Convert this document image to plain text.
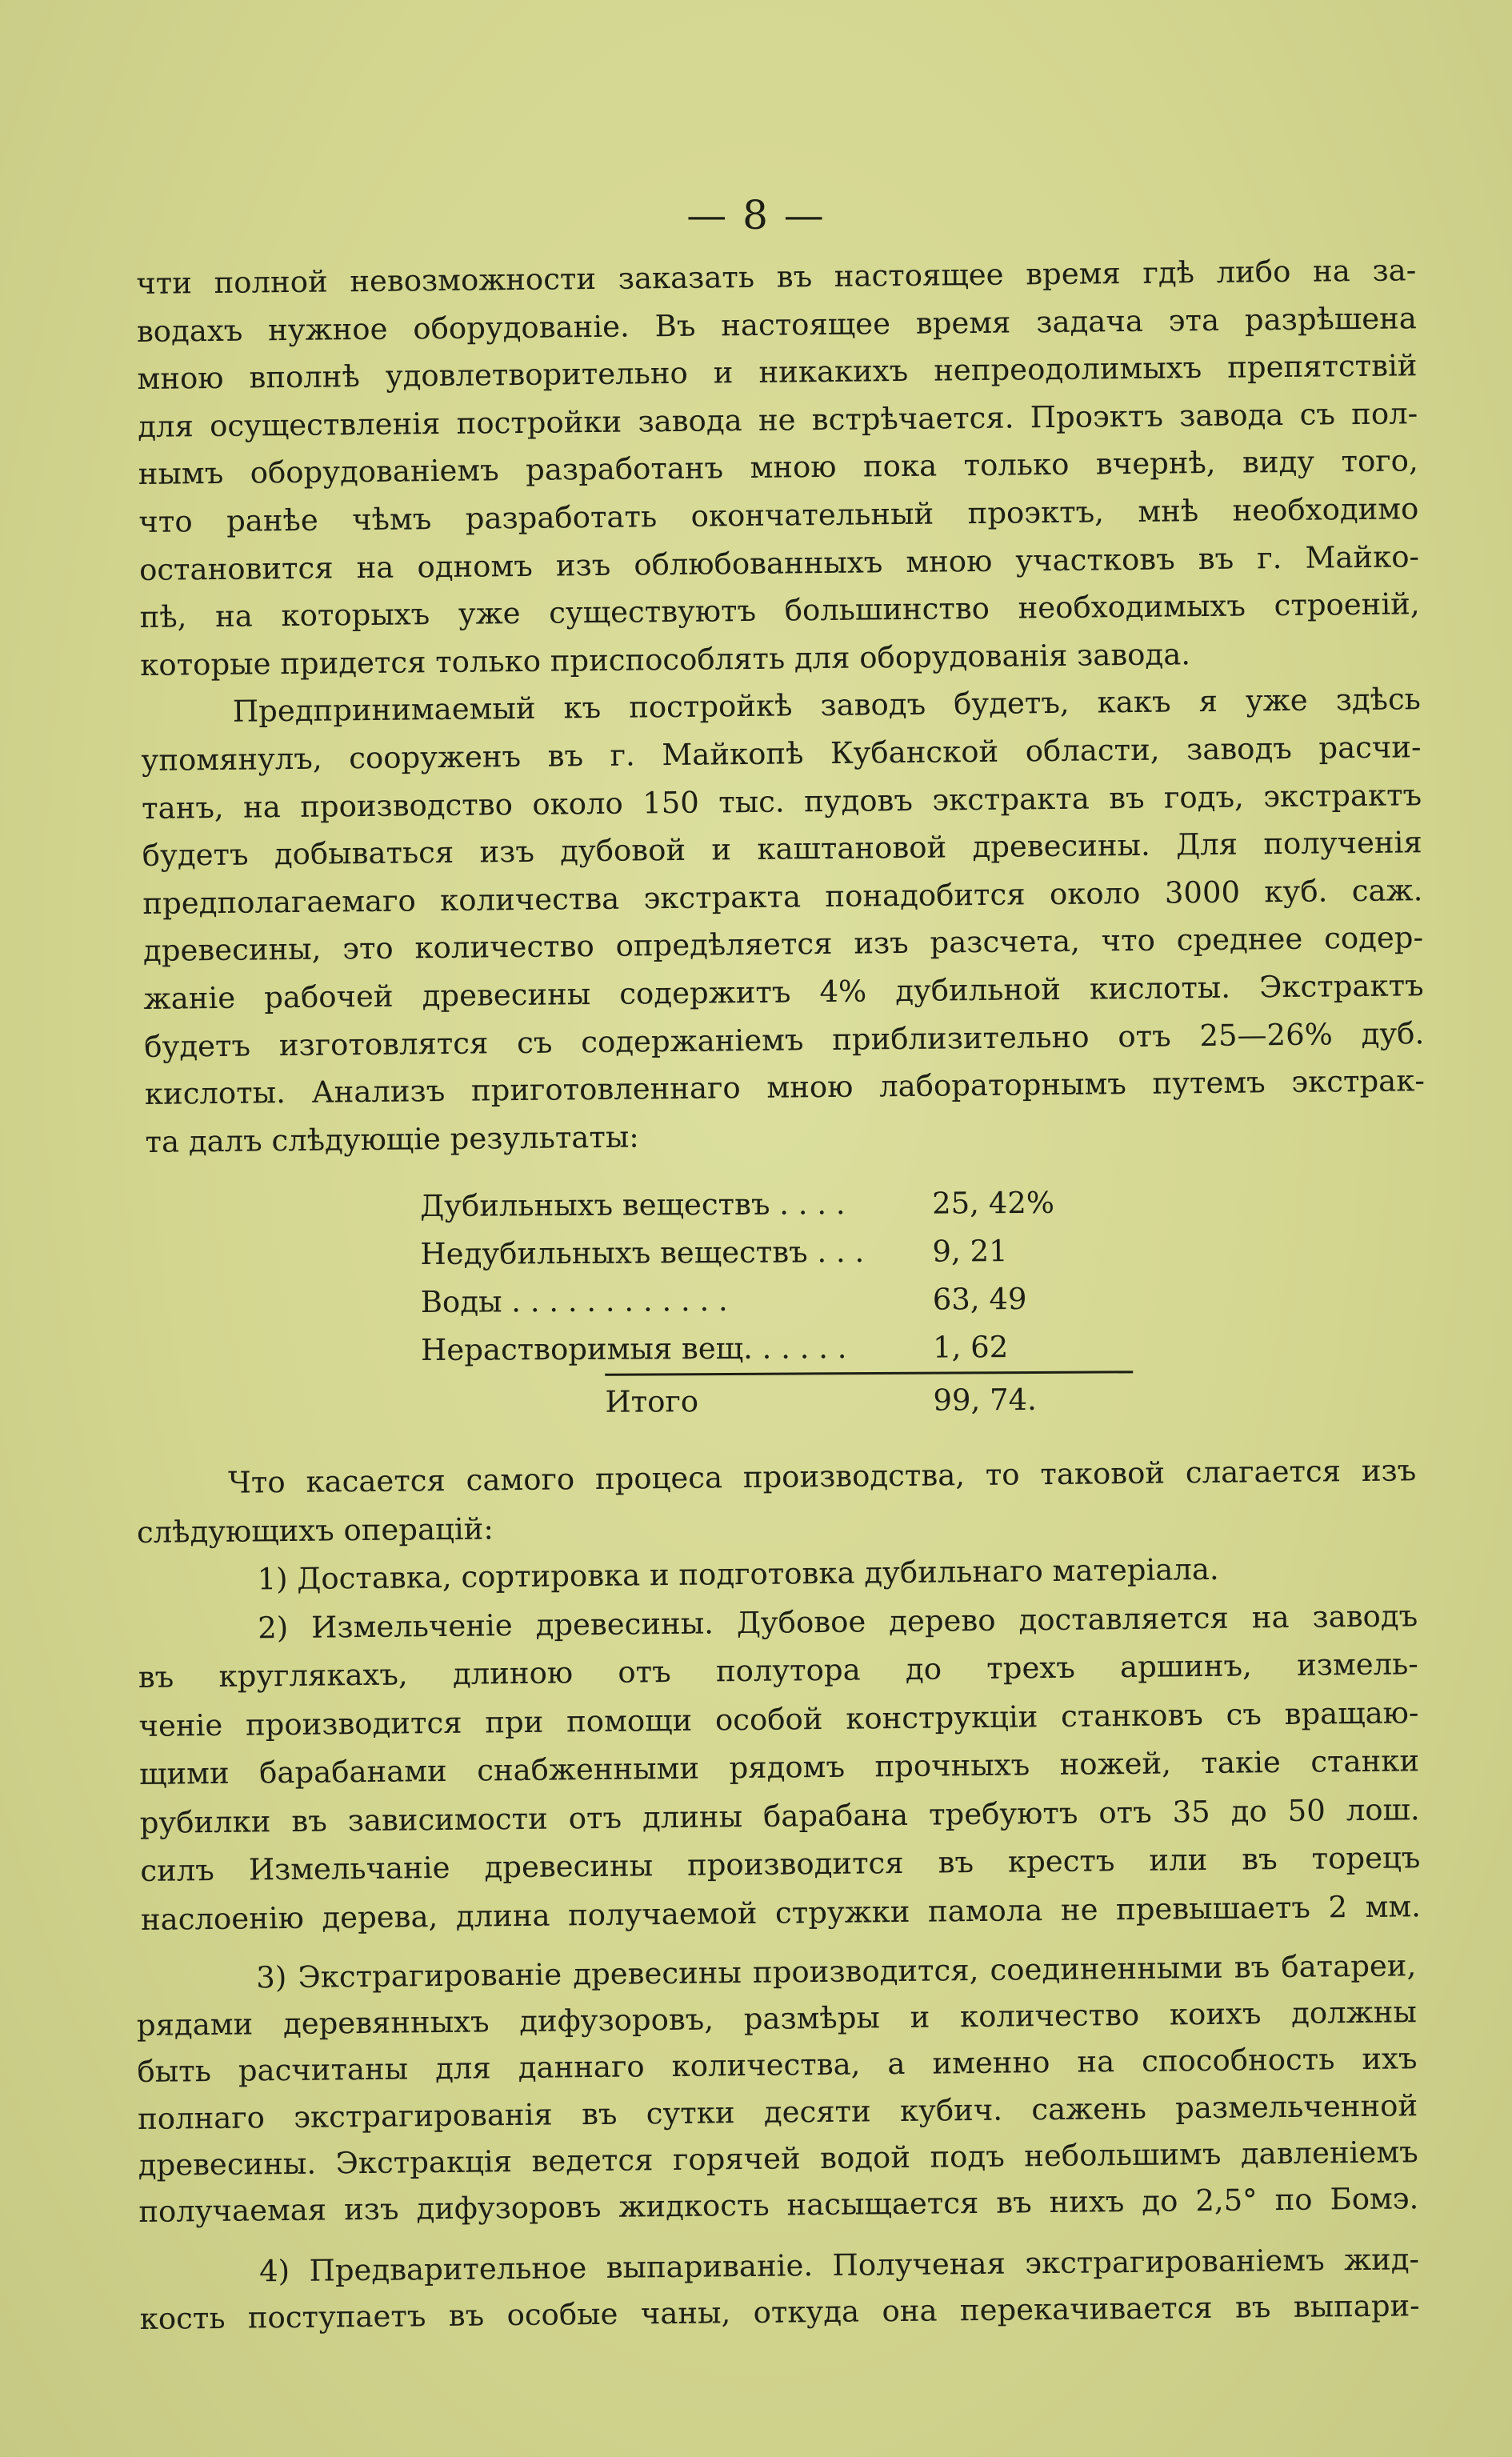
— 8 —
чти полной невозможности заказать въ настоящее время гдѣ либо на за-
водахъ нужное оборудованіе. Въ настоящее время задача эта разрѣшена
мною вполнѣ удовлетворительно и никакихъ непреодолимыхъ препятствій
для осуществленія постройки завода не встрѣчается. Проэктъ завода съ пол-
нымъ оборудованіемъ разработанъ мною пока только вчернѣ, виду того,
что ранѣе чѣмъ разработать окончательный проэктъ, мнѣ необходимо
остановится на одномъ изъ облюбованныхъ мною участковъ въ г. Майко-
пѣ, на которыхъ уже существуютъ большинство необходимыхъ строеній,
которые придется только приспособлять для оборудованія завода.
Предпринимаемый къ постройкѣ заводъ будетъ, какъ я уже здѣсь
упомянулъ, сооруженъ въ г. Майкопѣ Кубанской области, заводъ расчи-
танъ, на производство около 150 тыс. пудовъ экстракта въ годъ, экстрактъ
будетъ добываться изъ дубовой и каштановой древесины. Для полученія
предполагаемаго количества экстракта понадобится около 3000 куб. саж.
древесины, это количество опредѣляется изъ разсчета, что среднее содер-
жаніе рабочей древесины содержитъ 4% дубильной кислоты. Экстрактъ
будетъ изготовлятся съ содержаніемъ приблизительно отъ 25—26% дуб.
кислоты. Анализъ приготовленнаго мною лабораторнымъ путемъ экстрак-
та далъ слѣдующіе результаты:
Дубильныхъ веществъ . . . .	25, 42%
Недубильныхъ веществъ . . . 9, 21
Воды . . . . . . . . . . . .	63, 49
Нерастворимыя вещ. . . . . .	1, 62
Итого	99, 74.
Что касается самого процеса производства, то таковой слагается изъ
слѣдующихъ операцій:
1) Доставка, сортировка и подготовка дубильнаго матеріала.
2) Измельченіе древесины. Дубовое дерево доставляется на заводъ
въ круглякахъ, длиною отъ полутора до трехъ аршинъ, измель-
ченіе производится при помощи особой конструкціи станковъ съ вращаю-
щими барабанами снабженными рядомъ прочныхъ ножей, такіе станки
рубилки въ зависимости отъ длины барабана требуютъ отъ 35 до 50 лош.
силъ Измельчаніе древесины производится въ крестъ или въ торецъ
наслоенію дерева, длина получаемой стружки памола не превышаетъ 2 мм.
3) Экстрагированіе древесины производится, соединенными въ батареи,
рядами деревянныхъ дифузоровъ, размѣры и количество коихъ должны
быть расчитаны для даннаго количества, а именно на способность ихъ
полнаго экстрагированія въ сутки десяти кубич. сажень размельченной
древесины. Экстракція ведется горячей водой подъ небольшимъ давленіемъ
получаемая изъ дифузоровъ жидкость насыщается въ нихъ до 2,5° по Бомэ.
4) Предварительное выпариваніе. Полученая экстрагированіемъ жид-
кость поступаетъ въ особые чаны, откуда она перекачивается въ выпари-
